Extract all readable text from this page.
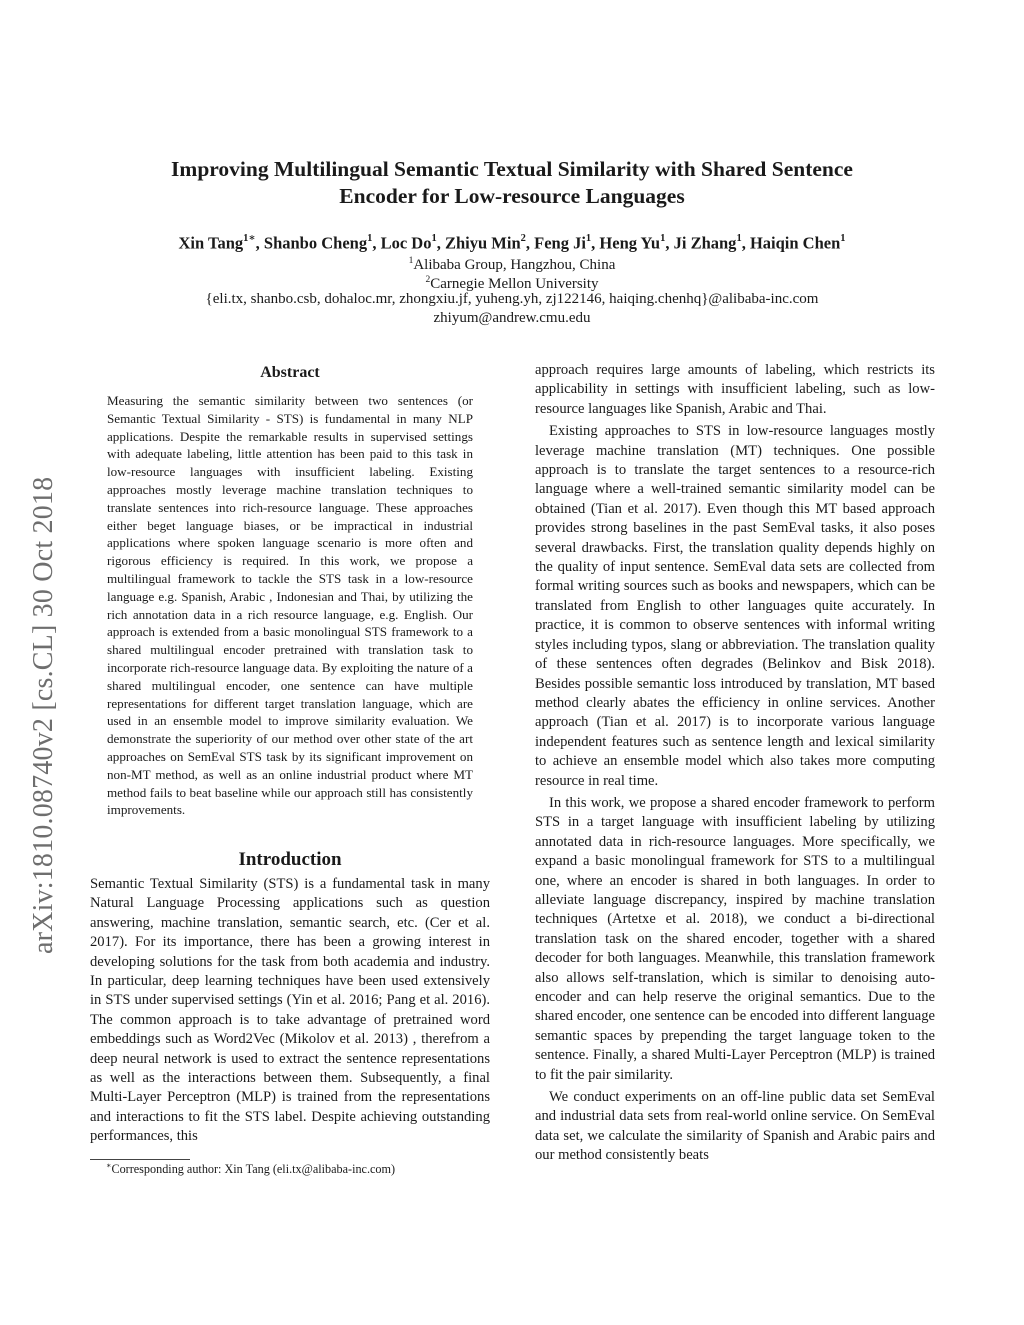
Improving Multilingual Semantic Textual Similarity with Shared Sentence
Encoder for Low-resource Languages
Xin Tang$^{1∗}$, Shanbo Cheng$^1$, Loc Do$^1$, Zhiyu Min$^2$, Feng Ji$^1$, Heng Yu$^1$, Ji Zhang$^1$, Haiqin Chen$^1$
$^1$Alibaba Group, Hangzhou, China
$^2$Carnegie Mellon University
{eli.tx, shanbo.csb, dohaloc.mr, zhongxiu.jf, yuheng.yh, zj122146, haiqing.chenhq}@alibaba-inc.com
zhiyum@andrew.cmu.edu
arXiv:1810.08740v2 [cs.CL] 30 Oct 2018
Abstract

Measuring the semantic similarity between two sentences (or Semantic Textual Similarity - STS) is fundamental in many NLP applications. Despite the remarkable results in supervised settings with adequate labeling, little attention has been paid to this task in low-resource languages with insufficient labeling. Existing approaches mostly leverage machine translation techniques to translate sentences into rich-resource language. These approaches either beget language biases, or be impractical in industrial applications where spoken language scenario is more often and rigorous efficiency is required. In this work, we propose a multilingual framework to tackle the STS task in a low-resource language e.g. Spanish, Arabic , Indonesian and Thai, by utilizing the rich annotation data in a rich resource language, e.g. English. Our approach is extended from a basic monolingual STS framework to a shared multilingual encoder pretrained with translation task to incorporate rich-resource language data. By exploiting the nature of a shared multilingual encoder, one sentence can have multiple representations for different target translation language, which are used in an ensemble model to improve similarity evaluation. We demonstrate the superiority of our method over other state of the art approaches on SemEval STS task by its significant improvement on non-MT method, as well as an online industrial product where MT method fails to beat baseline while our approach still has consistently improvements.

Introduction

Semantic Textual Similarity (STS) is a fundamental task in many Natural Language Processing applications such as question answering, machine translation, semantic search, etc. (Cer et al. 2017). For its importance, there has been a growing interest in developing solutions for the task from both academia and industry. In particular, deep learning techniques have been used extensively in STS under supervised settings (Yin et al. 2016; Pang et al. 2016). The common approach is to take advantage of pretrained word embeddings such as Word2Vec (Mikolov et al. 2013) , therefrom a deep neural network is used to extract the sentence representations as well as the interactions between them. Subsequently, a final Multi-Layer Perceptron (MLP) is trained from the representations and interactions to fit the STS label. Despite achieving outstanding performances, this

∗Corresponding author: Xin Tang (eli.tx@alibaba-inc.com)

approach requires large amounts of labeling, which restricts its applicability in settings with insufficient labeling, such as low-resource languages like Spanish, Arabic and Thai.

Existing approaches to STS in low-resource languages mostly leverage machine translation (MT) techniques. One possible approach is to translate the target sentences to a resource-rich language where a well-trained semantic similarity model can be obtained (Tian et al. 2017). Even though this MT based approach provides strong baselines in the past SemEval tasks, it also poses several drawbacks. First, the translation quality depends highly on the quality of input sentence. SemEval data sets are collected from formal writing sources such as books and newspapers, which can be translated from English to other languages quite accurately. In practice, it is common to observe sentences with informal writing styles including typos, slang or abbreviation. The translation quality of these sentences often degrades (Belinkov and Bisk 2018). Besides possible semantic loss introduced by translation, MT based method clearly abates the efficiency in online services. Another approach (Tian et al. 2017) is to incorporate various language independent features such as sentence length and lexical similarity to achieve an ensemble model which also takes more computing resource in real time.

In this work, we propose a shared encoder framework to perform STS in a target language with insufficient labeling by utilizing annotated data in rich-resource languages. More specifically, we expand a basic monolingual framework for STS to a multilingual one, where an encoder is shared in both languages. In order to alleviate language discrepancy, inspired by machine translation techniques (Artetxe et al. 2018), we conduct a bi-directional translation task on the shared encoder, together with a shared decoder for both languages. Meanwhile, this translation framework also allows self-translation, which is similar to denoising auto-encoder and can help reserve the original semantics. Due to the shared encoder, one sentence can be encoded into different language semantic spaces by prepending the target language token to the sentence. Finally, a shared Multi-Layer Perceptron (MLP) is trained to fit the pair similarity.

We conduct experiments on an off-line public data set SemEval and industrial data sets from real-world online service. On SemEval data set, we calculate the similarity of Spanish and Arabic pairs and our method consistently beats
